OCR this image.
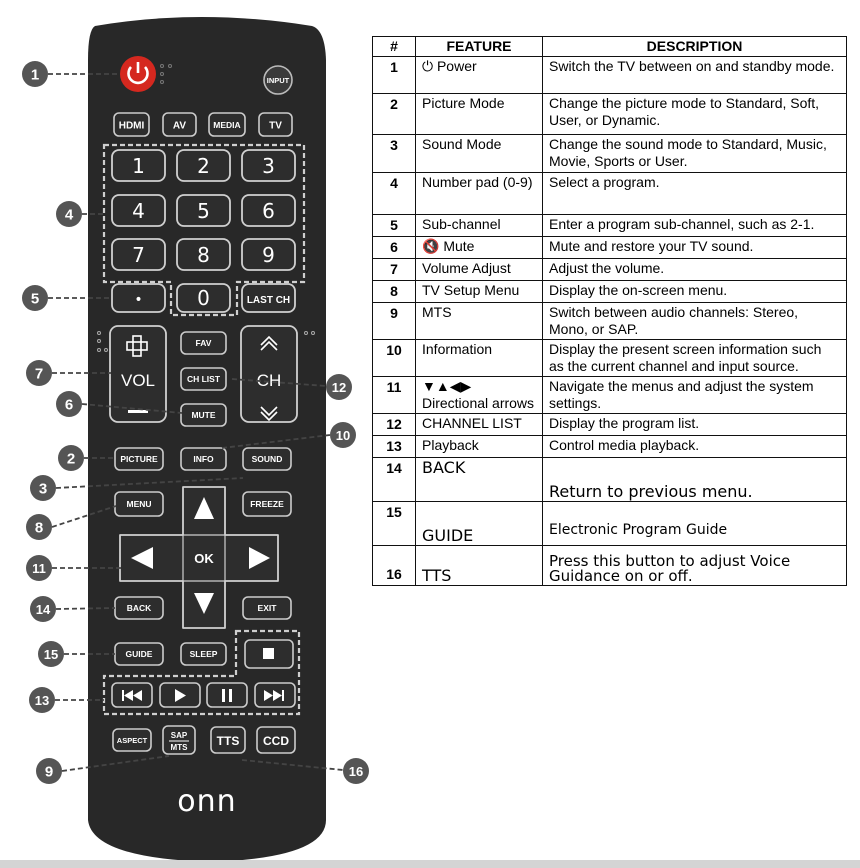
INPUT
HDMI	AV	MEDIA	TV
1	2	3
4	5	6
7	8	9
•	0	LAST CH
VOL	CH
FAV
CH LIST
MUTE
PICTURE	INFO	SOUND
MENU	FREEZE
OK
BACK	EXIT
GUIDE	SLEEP
ASPECT
SAP
MTS TTS CCD
onn
1
4
5
7
6
2
3
8
11
14
15
13
9
12
10
16
#	FEATURE	DESCRIPTION
1	⏻ Power	Switch the TV between on and standby mode.
2	Picture Mode	Change the picture mode to Standard, Soft, User, or Dynamic.
3	Sound Mode	Change the sound mode to Standard, Music, Movie, Sports or User.
4	Number pad (0-9)	Select a program.
5	Sub-channel	Enter a program sub-channel, such as 2-1.
6	🔇 Mute	Mute and restore your TV sound.
7	Volume Adjust	Adjust the volume.
8	TV Setup Menu	Display the on-screen menu.
9	MTS	Switch between audio channels: Stereo, Mono, or SAP.
10	Information	Display the present screen information such as the current channel and input source.
11	▼▲◀▶ Directional arrows	Navigate the menus and adjust the system settings.
12	CHANNEL LIST	Display the program list.
13	Playback	Control media playback.
14	BACK	Return to previous menu.
15	GUIDE	Electronic Program Guide
16	TTS	Press this button to adjust Voice Guidance on or off.
